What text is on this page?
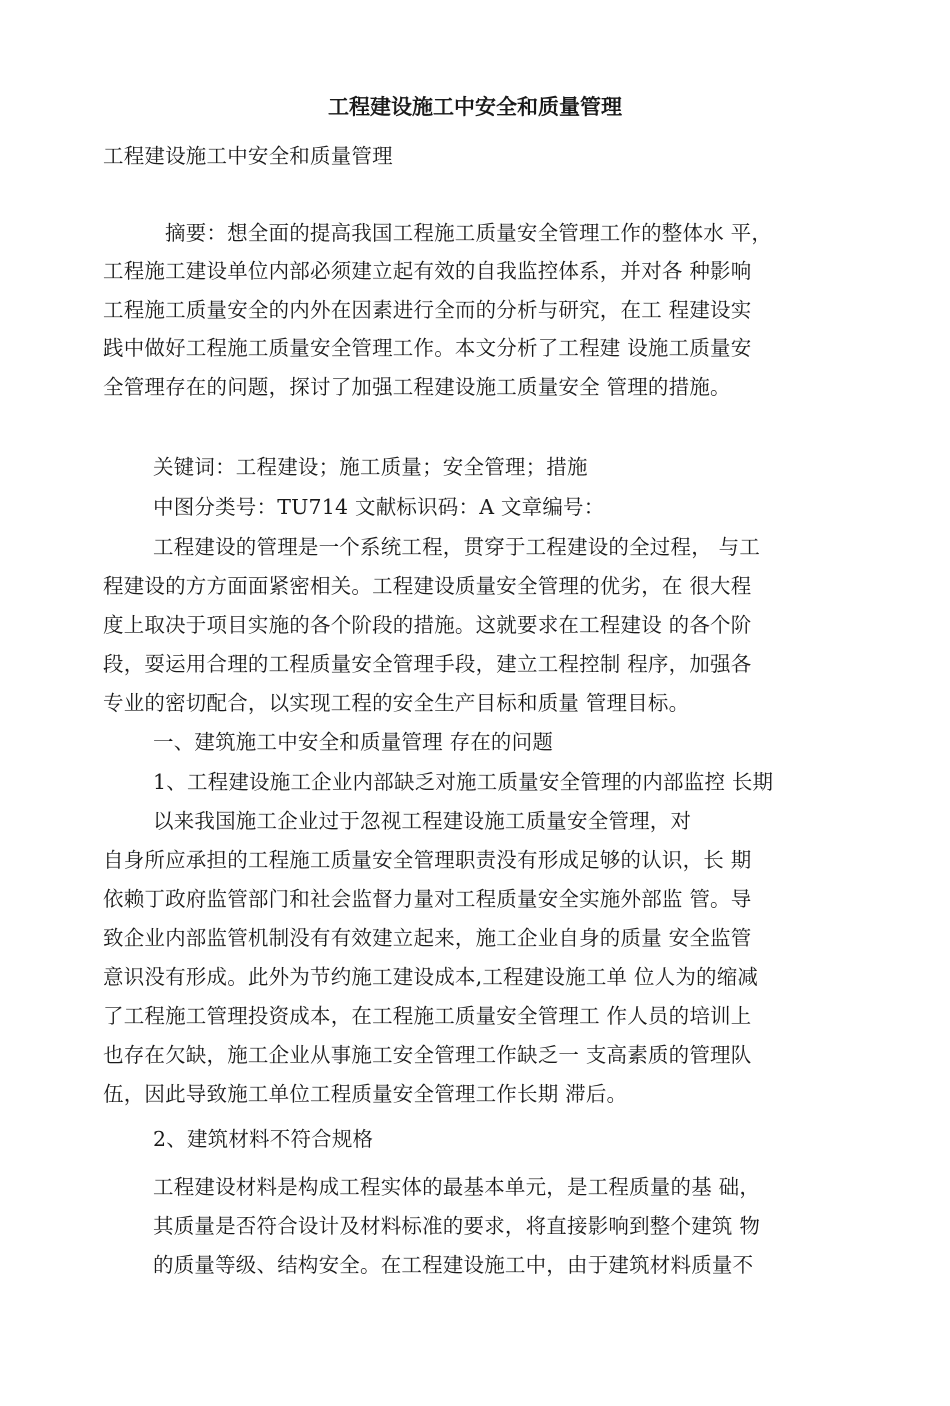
工程建设施工中安全和质量管理
工程建设施工中安全和质量管理
摘要：想全面的提高我国工程施工质量安全管理工作的整体水 平，
工程施工建设单位内部必须建立起有效的自我监控体系，并对各 种影响
工程施工质量安全的内外在因素进行全而的分析与研究，在工 程建设实
践中做好工程施工质量安全管理工作。本文分析了工程建 设施工质量安
全管理存在的问题，探讨了加强工程建设施工质量安全 管理的措施。
关键词：工程建设；施工质量；安全管理；措施
中图分类号：TU714 文献标识码：A 文章编号：
工程建设的管理是一个系统工程，贯穿于工程建设的全过程， 与工
程建设的方方面面紧密相关。工程建设质量安全管理的优劣，在 很大程
度上取决于项目实施的各个阶段的措施。这就要求在工程建设 的各个阶
段，耍运用合理的工程质量安全管理手段，建立工程控制 程序，加强各
专业的密切配合，以实现工程的安全生产目标和质量 管理目标。
一、建筑施工中安全和质量管理 存在的问题
1、工程建设施工企业内部缺乏对施工质量安全管理的内部监控 长期
以来我国施工企业过于忽视工程建设施工质量安全管理，对
自身所应承担的工程施工质量安全管理职责没有形成足够的认识，长 期
依赖丁政府监管部门和社会监督力量对工程质量安全实施外部监 管。导
致企业内部监管机制没有有效建立起来，施工企业自身的质量 安全监管
意识没有形成。此外为节约施工建设成本,工程建设施工单 位人为的缩减
了工程施工管理投资成本，在工程施工质量安全管理工 作人员的培训上
也存在欠缺，施工企业从事施工安全管理工作缺乏一 支高素质的管理队
伍，因此导致施工单位工程质量安全管理工作长期 滞后。
2、建筑材料不符合规格
工程建设材料是构成工程实体的最基本单元，是工程质量的基 础，
其质量是否符合设计及材料标准的要求，将直接影响到整个建筑 物
的质量等级、结构安全。在工程建设施工中，由于建筑材料质量不
